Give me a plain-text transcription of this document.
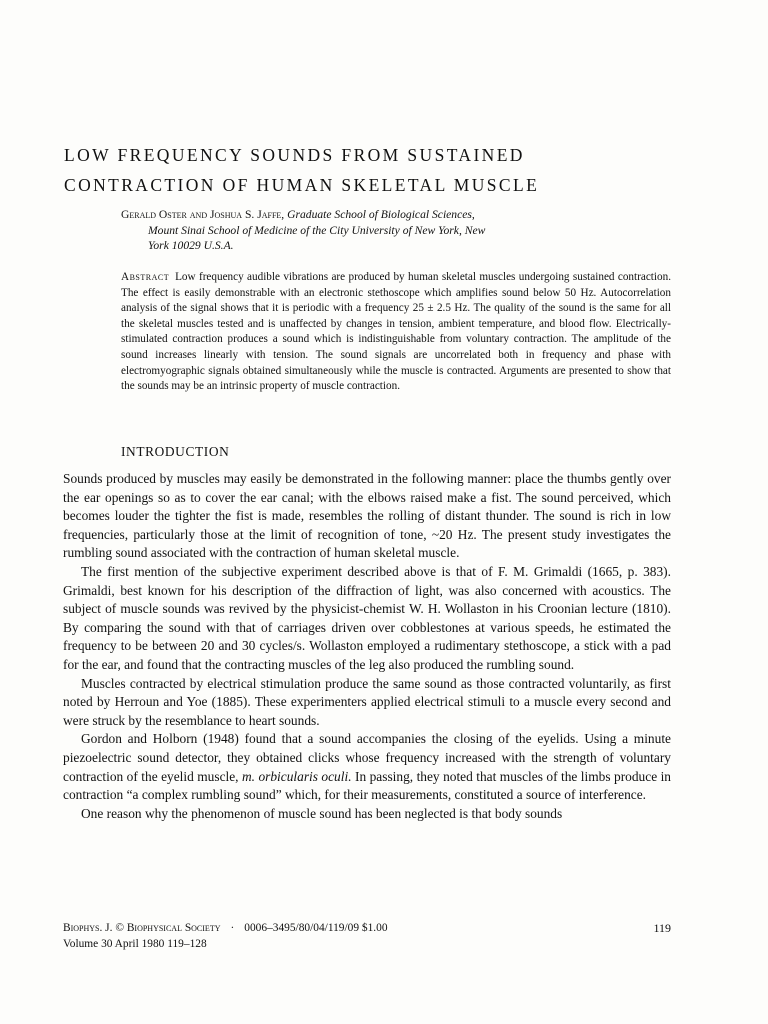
LOW FREQUENCY SOUNDS FROM SUSTAINED
CONTRACTION OF HUMAN SKELETAL MUSCLE
Gerald Oster and Joshua S. Jaffe, Graduate School of Biological Sciences,
Mount Sinai School of Medicine of the City University of New York, New
York 10029 U.S.A.

Abstract Low frequency audible vibrations are produced by human skeletal muscles undergoing sustained contraction. The effect is easily demonstrable with an electronic stethoscope which amplifies sound below 50 Hz. Autocorrelation analysis of the signal shows that it is periodic with a frequency 25 ± 2.5 Hz. The quality of the sound is the same for all the skeletal muscles tested and is unaffected by changes in tension, ambient temperature, and blood flow. Electrically-stimulated contraction produces a sound which is indistinguishable from voluntary contraction. The amplitude of the sound increases linearly with tension. The sound signals are uncorrelated both in frequency and phase with electromyographic signals obtained simultaneously while the muscle is contracted. Arguments are presented to show that the sounds may be an intrinsic property of muscle contraction.

INTRODUCTION

Sounds produced by muscles may easily be demonstrated in the following manner: place the thumbs gently over the ear openings so as to cover the ear canal; with the elbows raised make a fist. The sound perceived, which becomes louder the tighter the fist is made, resembles the rolling of distant thunder. The sound is rich in low frequencies, particularly those at the limit of recognition of tone, ~20 Hz. The present study investigates the rumbling sound associated with the contraction of human skeletal muscle.

The first mention of the subjective experiment described above is that of F. M. Grimaldi (1665, p. 383). Grimaldi, best known for his description of the diffraction of light, was also concerned with acoustics. The subject of muscle sounds was revived by the physicist-chemist W. H. Wollaston in his Croonian lecture (1810). By comparing the sound with that of carriages driven over cobblestones at various speeds, he estimated the frequency to be between 20 and 30 cycles/s. Wollaston employed a rudimentary stethoscope, a stick with a pad for the ear, and found that the contracting muscles of the leg also produced the rumbling sound.

Muscles contracted by electrical stimulation produce the same sound as those contracted voluntarily, as first noted by Herroun and Yoe (1885). These experimenters applied electrical stimuli to a muscle every second and were struck by the resemblance to heart sounds.

Gordon and Holborn (1948) found that a sound accompanies the closing of the eyelids. Using a minute piezoelectric sound detector, they obtained clicks whose frequency increased with the strength of voluntary contraction of the eyelid muscle, m. orbicularis oculi. In passing, they noted that muscles of the limbs produce in contraction “a complex rumbling sound” which, for their measurements, constituted a source of interference.

One reason why the phenomenon of muscle sound has been neglected is that body sounds

Biophys. J. © Biophysical Society · 0006–3495/80/04/119/09 $1.00	119
Volume 30 April 1980 119–128
